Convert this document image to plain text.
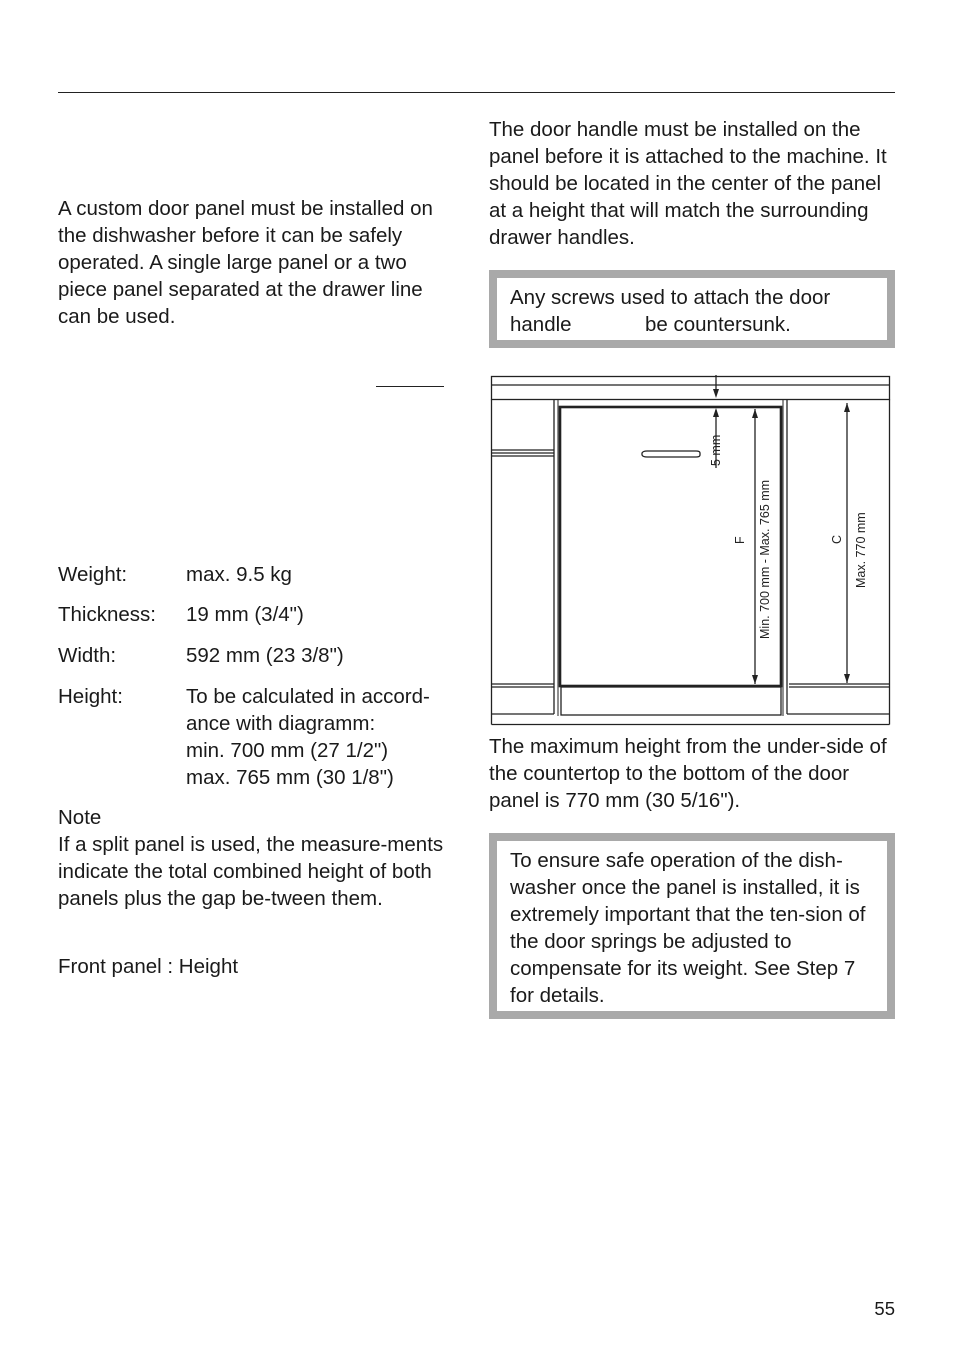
A custom door panel must be installed on the dishwasher before it can be safely operated. A single large panel or a two piece panel separated at the drawer line can be used.

Weight:	max. 9.5 kg
Thickness: 19 mm (3/4")
Width:	592 mm (23 3/8")
Height:	To be calculated in accord-
ance with diagramm:
min. 700 mm (27 1/2")
max. 765 mm (30 1/8")

Note

If a split panel is used, the measure-ments indicate the total combined height of both panels plus the gap be-tween them.

Front panel : Height

The door handle must be installed on the panel before it is attached to the machine. It should be located in the center of the panel at a height that will match the surrounding drawer handles.

Any screws used to attach the door
handle	be countersunk.
5 mm
F Min. 700 mm - Max. 765 mm	C Max. 770 mm

The maximum height from the under-side of the countertop to the bottom of the door panel is 770 mm (30 5/16").

To ensure safe operation of the dish-washer once the panel is installed, it is extremely important that the ten-sion of the door springs be adjusted to compensate for its weight. See Step 7 for details.

55
